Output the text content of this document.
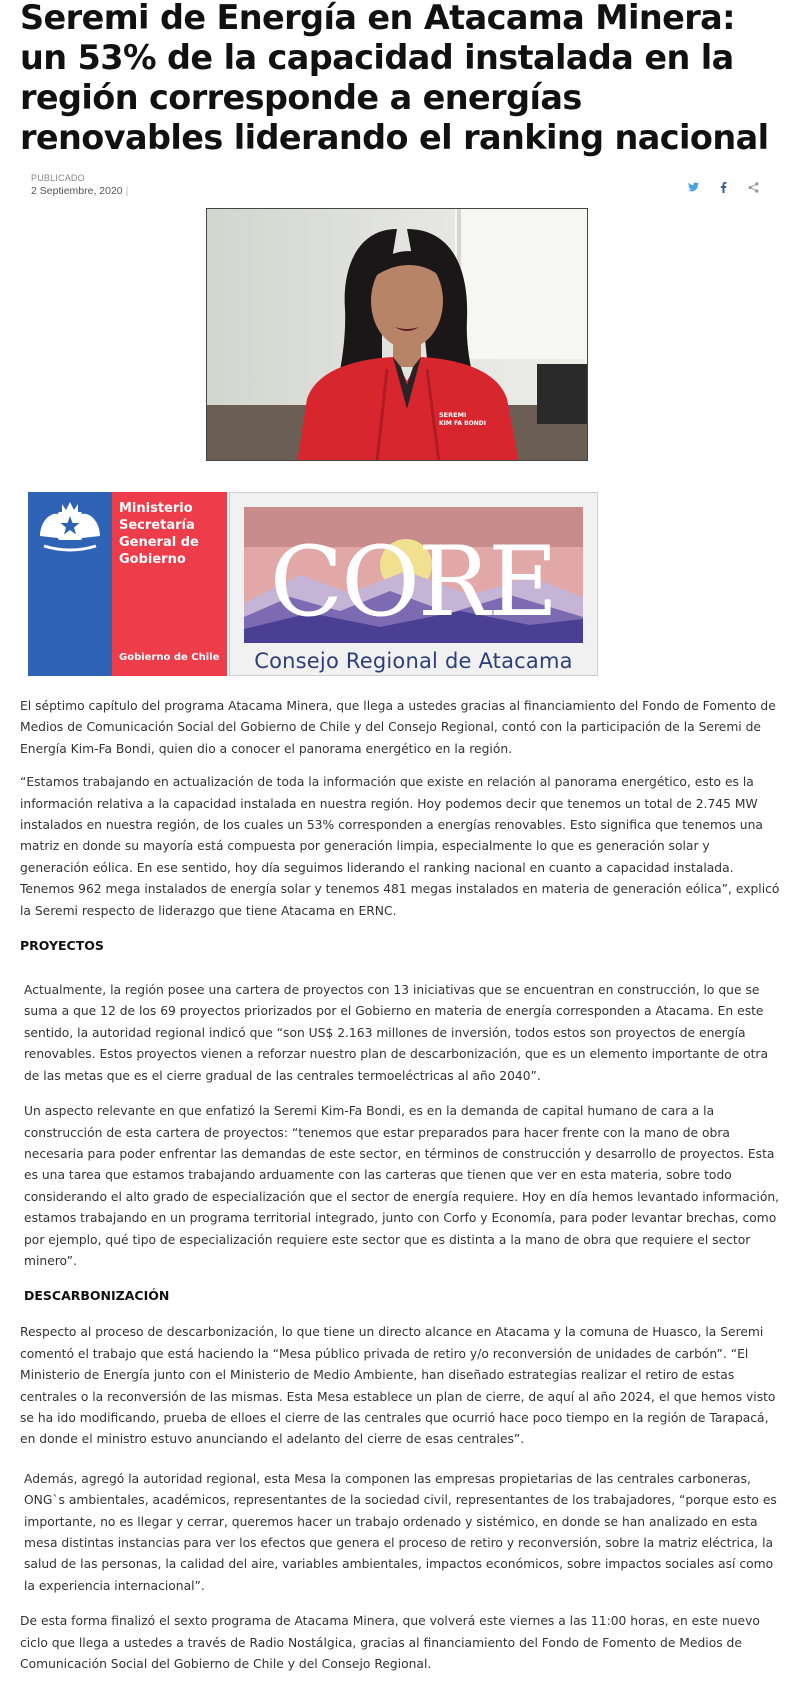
Seremi de Energía en Atacama Minera: un 53% de la capacidad instalada en la región corresponde a energías renovables liderando el ranking nacional
PUBLICADO
2 Septiembre, 2020 |
SEREMI
KIM FA BONDI
Ministerio
Secretaría
General de
Gobierno
Gobierno de Chile
CORE
Consejo Regional de Atacama

El séptimo capítulo del programa Atacama Minera, que llega a ustedes gracias al financiamiento del Fondo de Fomento de Medios de Comunicación Social del Gobierno de Chile y del Consejo Regional, contó con la participación de la Seremi de Energía Kim-Fa Bondi, quien dio a conocer el panorama energético en la región.

“Estamos trabajando en actualización de toda la información que existe en relación al panorama energético, esto es la información relativa a la capacidad instalada en nuestra región. Hoy podemos decir que tenemos un total de 2.745 MW instalados en nuestra región, de los cuales un 53% corresponden a energías renovables. Esto significa que tenemos una matriz en donde su mayoría está compuesta por generación limpia, especialmente lo que es generación solar y generación eólica. En ese sentido, hoy día seguimos liderando el ranking nacional en cuanto a capacidad instalada. Tenemos 962 mega instalados de energía solar y tenemos 481 megas instalados en materia de generación eólica”, explicó la Seremi respecto de liderazgo que tiene Atacama en ERNC.

PROYECTOS

Actualmente, la región posee una cartera de proyectos con 13 iniciativas que se encuentran en construcción, lo que se suma a que 12 de los 69 proyectos priorizados por el Gobierno en materia de energía corresponden a Atacama. En este sentido, la autoridad regional indicó que “son US$ 2.163 millones de inversión, todos estos son proyectos de energía renovables. Estos proyectos vienen a reforzar nuestro plan de descarbonización, que es un elemento importante de otra de las metas que es el cierre gradual de las centrales termoeléctricas al año 2040”.

Un aspecto relevante en que enfatizó la Seremi Kim-Fa Bondi, es en la demanda de capital humano de cara a la construcción de esta cartera de proyectos: “tenemos que estar preparados para hacer frente con la mano de obra necesaria para poder enfrentar las demandas de este sector, en términos de construcción y desarrollo de proyectos. Esta es una tarea que estamos trabajando arduamente con las carteras que tienen que ver en esta materia, sobre todo considerando el alto grado de especialización que el sector de energía requiere. Hoy en día hemos levantado información, estamos trabajando en un programa territorial integrado, junto con Corfo y Economía, para poder levantar brechas, como por ejemplo, qué tipo de especialización requiere este sector que es distinta a la mano de obra que requiere el sector minero”.

DESCARBONIZACIÓN

Respecto al proceso de descarbonización, lo que tiene un directo alcance en Atacama y la comuna de Huasco, la Seremi comentó el trabajo que está haciendo la “Mesa público privada de retiro y/o reconversión de unidades de carbón”. “El Ministerio de Energía junto con el Ministerio de Medio Ambiente, han diseñado estrategias realizar el retiro de estas centrales o la reconversión de las mismas. Esta Mesa establece un plan de cierre, de aquí al año 2024, el que hemos visto se ha ido modificando, prueba de elloes el cierre de las centrales que ocurrió hace poco tiempo en la región de Tarapacá, en donde el ministro estuvo anunciando el adelanto del cierre de esas centrales”.

Además, agregó la autoridad regional, esta Mesa la componen las empresas propietarias de las centrales carboneras, ONG`s ambientales, académicos, representantes de la sociedad civil, representantes de los trabajadores, “porque esto es importante, no es llegar y cerrar, queremos hacer un trabajo ordenado y sistémico, en donde se han analizado en esta mesa distintas instancias para ver los efectos que genera el proceso de retiro y reconversión, sobre la matriz eléctrica, la salud de las personas, la calidad del aire, variables ambientales, impactos económicos, sobre impactos sociales así como la experiencia internacional”.

De esta forma finalizó el sexto programa de Atacama Minera, que volverá este viernes a las 11:00 horas, en este nuevo ciclo que llega a ustedes a través de Radio Nostálgica, gracias al financiamiento del Fondo de Fomento de Medios de Comunicación Social del Gobierno de Chile y del Consejo Regional.
